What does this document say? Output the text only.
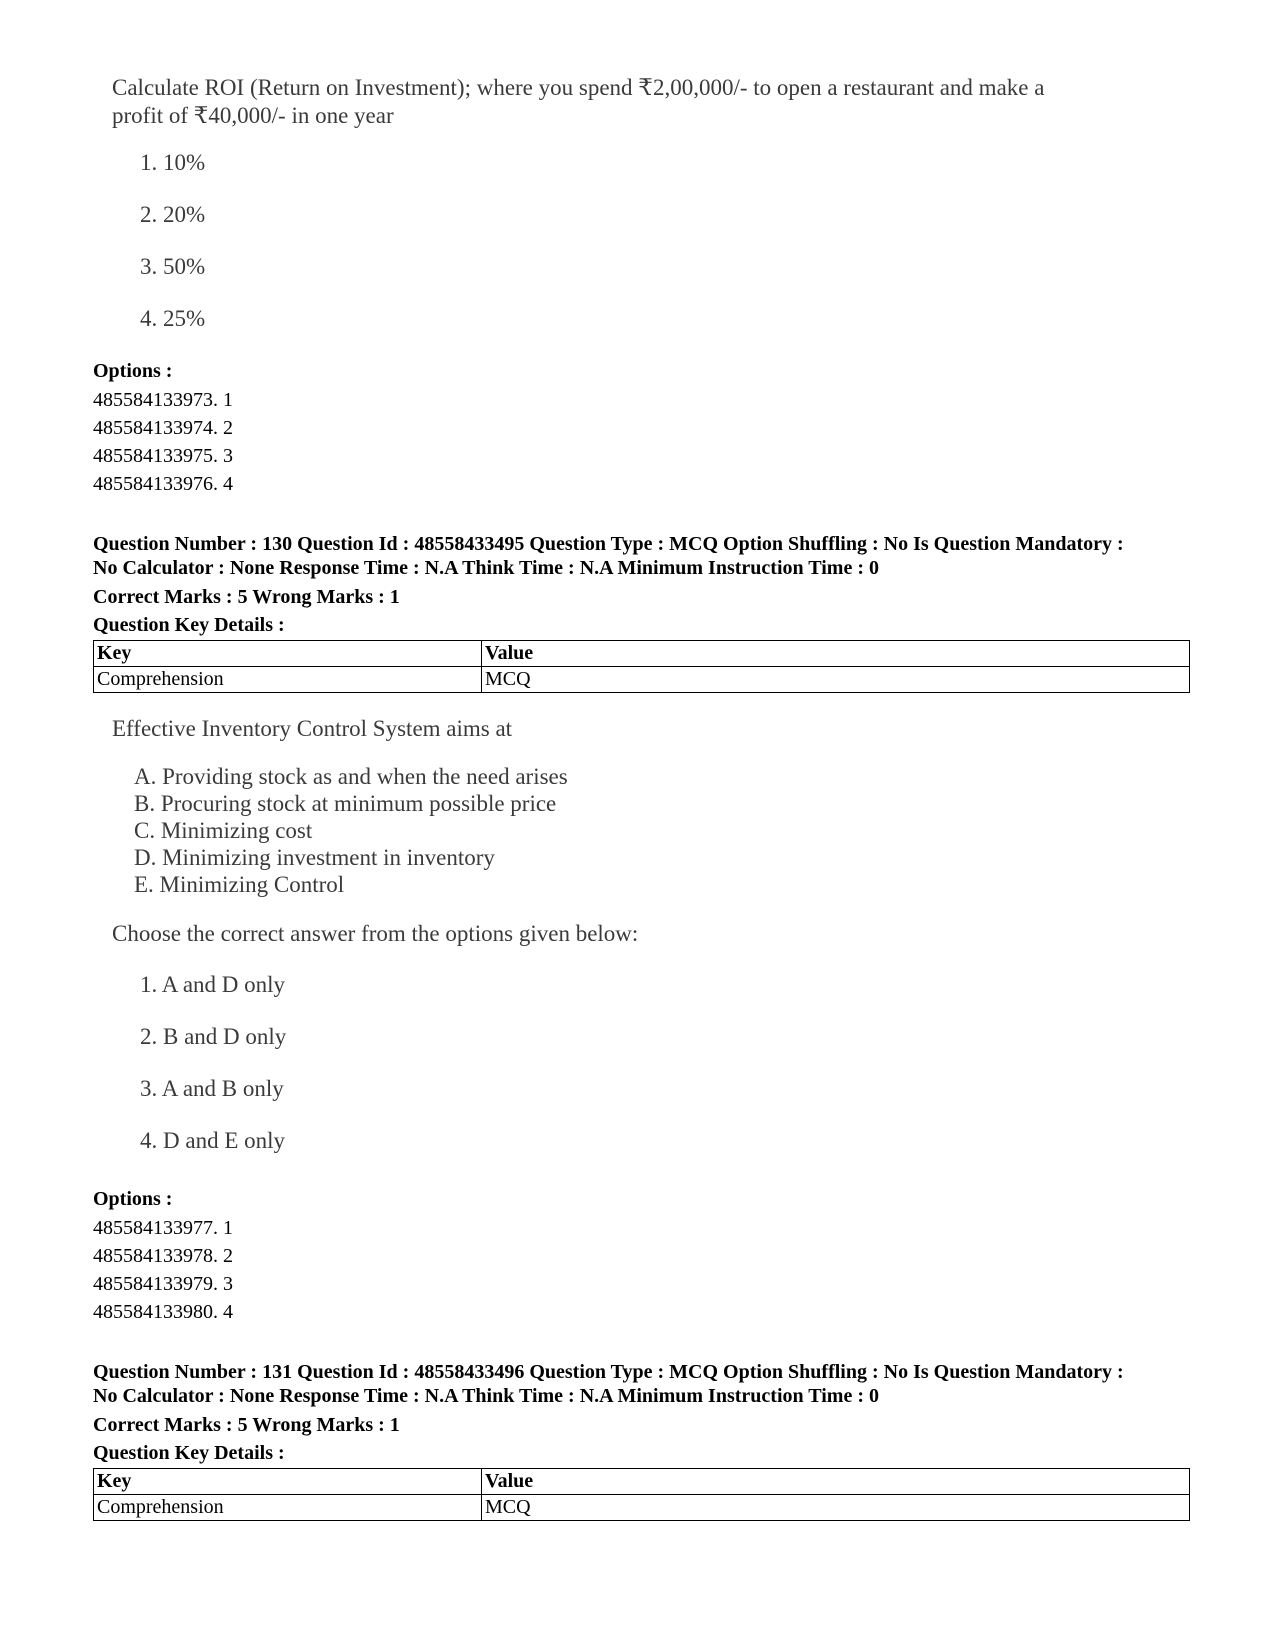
Calculate ROI (Return on Investment); where you spend ₹2,00,000/- to open a restaurant and make a profit of ₹40,000/- in one year

1. 10%
2. 20%
3. 50%
4. 25%
Options :
485584133973. 1
485584133974. 2
485584133975. 3
485584133976. 4
Question Number : 130 Question Id : 48558433495 Question Type : MCQ Option Shuffling : No Is Question Mandatory :
No Calculator : None Response Time : N.A Think Time : N.A Minimum Instruction Time : 0
Correct Marks : 5 Wrong Marks : 1
Question Key Details :
Key	Value
Comprehension	MCQ

Effective Inventory Control System aims at

A. Providing stock as and when the need arises
B. Procuring stock at minimum possible price
C. Minimizing cost
D. Minimizing investment in inventory
E. Minimizing Control
Choose the correct answer from the options given below:
1. A and D only
2. B and D only
3. A and B only
4. D and E only
Options :
485584133977. 1
485584133978. 2
485584133979. 3
485584133980. 4
Question Number : 131 Question Id : 48558433496 Question Type : MCQ Option Shuffling : No Is Question Mandatory :
No Calculator : None Response Time : N.A Think Time : N.A Minimum Instruction Time : 0
Correct Marks : 5 Wrong Marks : 1
Question Key Details :
Key	Value
Comprehension	MCQ
